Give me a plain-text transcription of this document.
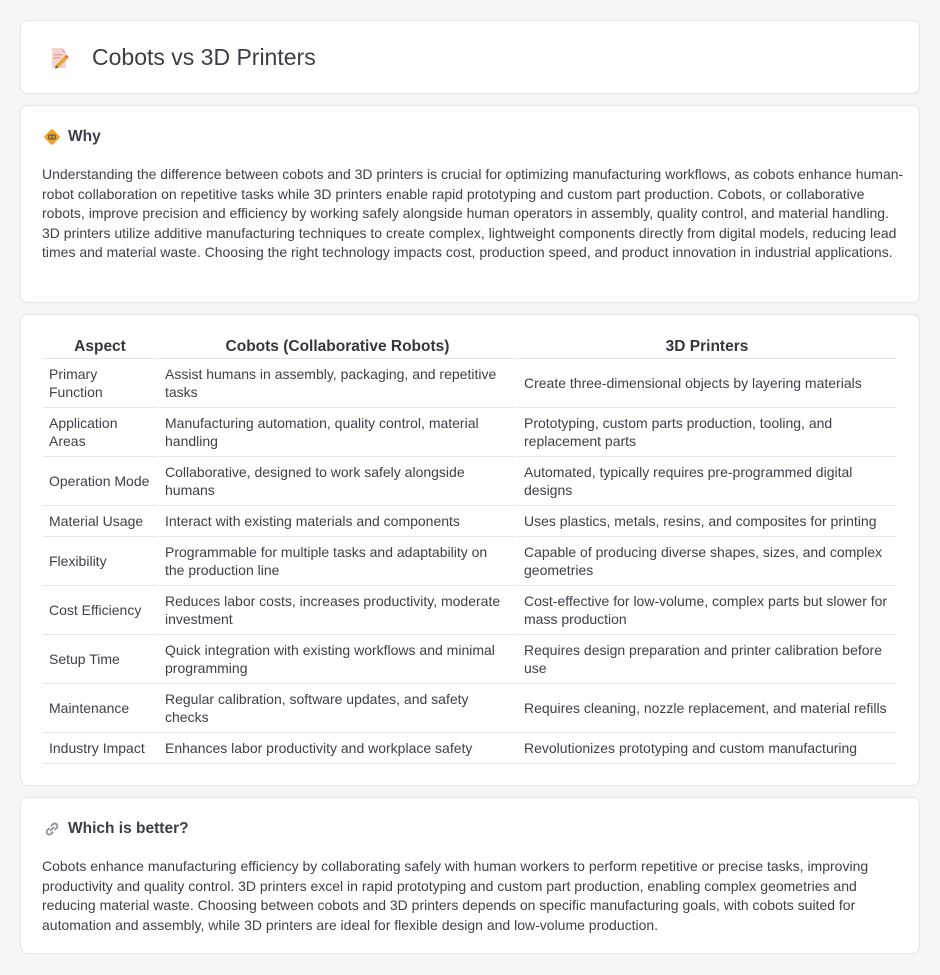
Cobots vs 3D Printers
Why

Understanding the difference between cobots and 3D printers is crucial for optimizing manufacturing workflows, as cobots enhance human-robot collaboration on repetitive tasks while 3D printers enable rapid prototyping and custom part production. Cobots, or collaborative robots, improve precision and efficiency by working safely alongside human operators in assembly, quality control, and material handling. 3D printers utilize additive manufacturing techniques to create complex, lightweight components directly from digital models, reducing lead times and material waste. Choosing the right technology impacts cost, production speed, and product innovation in industrial applications.

Aspect	Cobots (Collaborative Robots)	3D Printers
Primary Function	Assist humans in assembly, packaging, and repetitive tasks	Create three-dimensional objects by layering materials
Application Areas	Manufacturing automation, quality control, material handling	Prototyping, custom parts production, tooling, and replacement parts
Operation Mode	Collaborative, designed to work safely alongside humans	Automated, typically requires pre-programmed digital designs
Material Usage	Interact with existing materials and components	Uses plastics, metals, resins, and composites for printing
Flexibility	Programmable for multiple tasks and adaptability on the production line	Capable of producing diverse shapes, sizes, and complex geometries
Cost Efficiency	Reduces labor costs, increases productivity, moderate investment	Cost-effective for low-volume, complex parts but slower for mass production
Setup Time	Quick integration with existing workflows and minimal programming	Requires design preparation and printer calibration before use
Maintenance	Regular calibration, software updates, and safety checks	Requires cleaning, nozzle replacement, and material refills
Industry Impact	Enhances labor productivity and workplace safety	Revolutionizes prototyping and custom manufacturing
Which is better?

Cobots enhance manufacturing efficiency by collaborating safely with human workers to perform repetitive or precise tasks, improving productivity and quality control. 3D printers excel in rapid prototyping and custom part production, enabling complex geometries and reducing material waste. Choosing between cobots and 3D printers depends on specific manufacturing goals, with cobots suited for automation and assembly, while 3D printers are ideal for flexible design and low-volume production.
